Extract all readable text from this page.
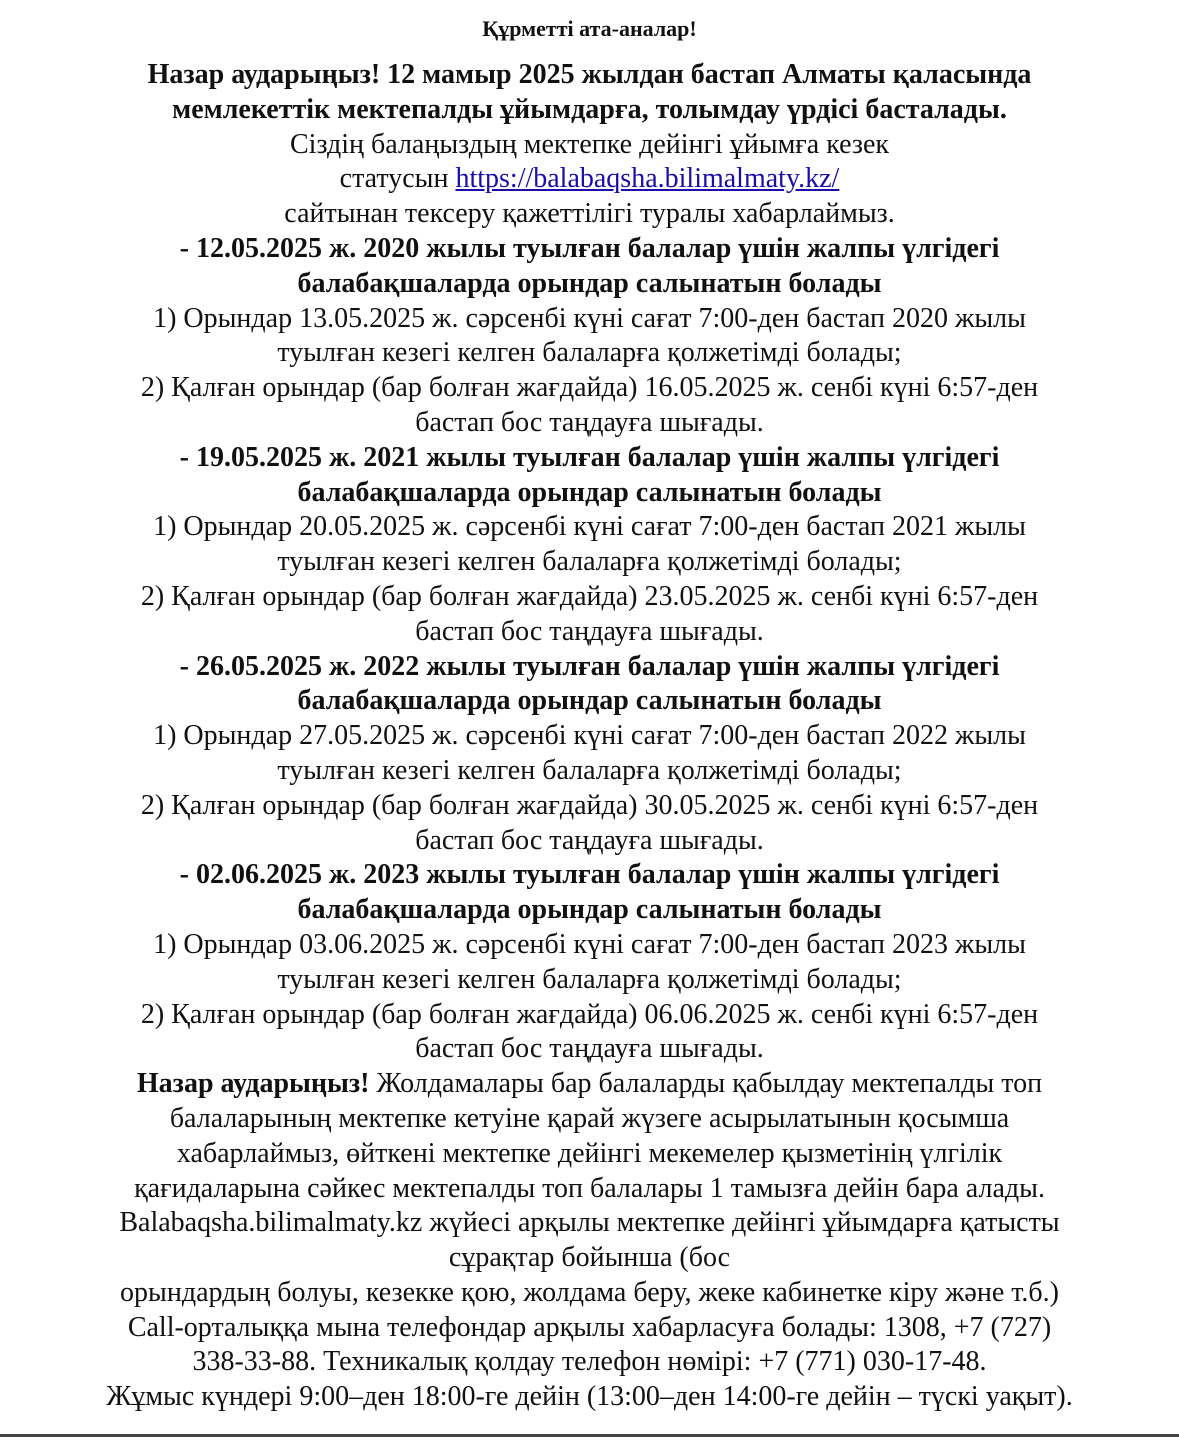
Құрметті ата-аналар!
Назар аударыңыз! 12 мамыр 2025 жылдан бастап Алматы қаласында
мемлекеттік мектепалды ұйымдарға, толымдау үрдісі басталады.
Сіздің балаңыздың мектепке дейінгі ұйымға кезек
статусын https://balabaqsha.bilimalmaty.kz/
сайтынан тексеру қажеттілігі туралы хабарлаймыз.
- 12.05.2025 ж. 2020 жылы туылған балалар үшін жалпы үлгідегі
балабақшаларда орындар салынатын болады
1) Орындар 13.05.2025 ж. сәрсенбі күні сағат 7:00-ден бастап 2020 жылы
туылған кезегі келген балаларға қолжетімді болады;
2) Қалған орындар (бар болған жағдайда) 16.05.2025 ж. сенбі күні 6:57-ден
бастап бос таңдауға шығады.
- 19.05.2025 ж. 2021 жылы туылған балалар үшін жалпы үлгідегі
балабақшаларда орындар салынатын болады
1) Орындар 20.05.2025 ж. сәрсенбі күні сағат 7:00-ден бастап 2021 жылы
туылған кезегі келген балаларға қолжетімді болады;
2) Қалған орындар (бар болған жағдайда) 23.05.2025 ж. сенбі күні 6:57-ден
бастап бос таңдауға шығады.
- 26.05.2025 ж. 2022 жылы туылған балалар үшін жалпы үлгідегі
балабақшаларда орындар салынатын болады
1) Орындар 27.05.2025 ж. сәрсенбі күні сағат 7:00-ден бастап 2022 жылы
туылған кезегі келген балаларға қолжетімді болады;
2) Қалған орындар (бар болған жағдайда) 30.05.2025 ж. сенбі күні 6:57-ден
бастап бос таңдауға шығады.
- 02.06.2025 ж. 2023 жылы туылған балалар үшін жалпы үлгідегі
балабақшаларда орындар салынатын болады
1) Орындар 03.06.2025 ж. сәрсенбі күні сағат 7:00-ден бастап 2023 жылы
туылған кезегі келген балаларға қолжетімді болады;
2) Қалған орындар (бар болған жағдайда) 06.06.2025 ж. сенбі күні 6:57-ден
бастап бос таңдауға шығады.
Назар аударыңыз! Жолдамалары бар балаларды қабылдау мектепалды топ
балаларының мектепке кетуіне қарай жүзеге асырылатынын қосымша
хабарлаймыз, өйткені мектепке дейінгі мекемелер қызметінің үлгілік
қағидаларына сәйкес мектепалды топ балалары 1 тамызға дейін бара алады.
Balabaqsha.bilimalmaty.kz жүйесі арқылы мектепке дейінгі ұйымдарға қатысты
сұрақтар бойынша (бос
орындардың болуы, кезекке қою, жолдама беру, жеке кабинетке кіру және т.б.)
Call-орталыққа мына телефондар арқылы хабарласуға болады: 1308, +7 (727)
338-33-88. Техникалық қолдау телефон нөмірі: +7 (771) 030-17-48.
Жұмыс күндері 9:00–ден 18:00-ге дейін (13:00–ден 14:00-ге дейін – түскі уақыт).
